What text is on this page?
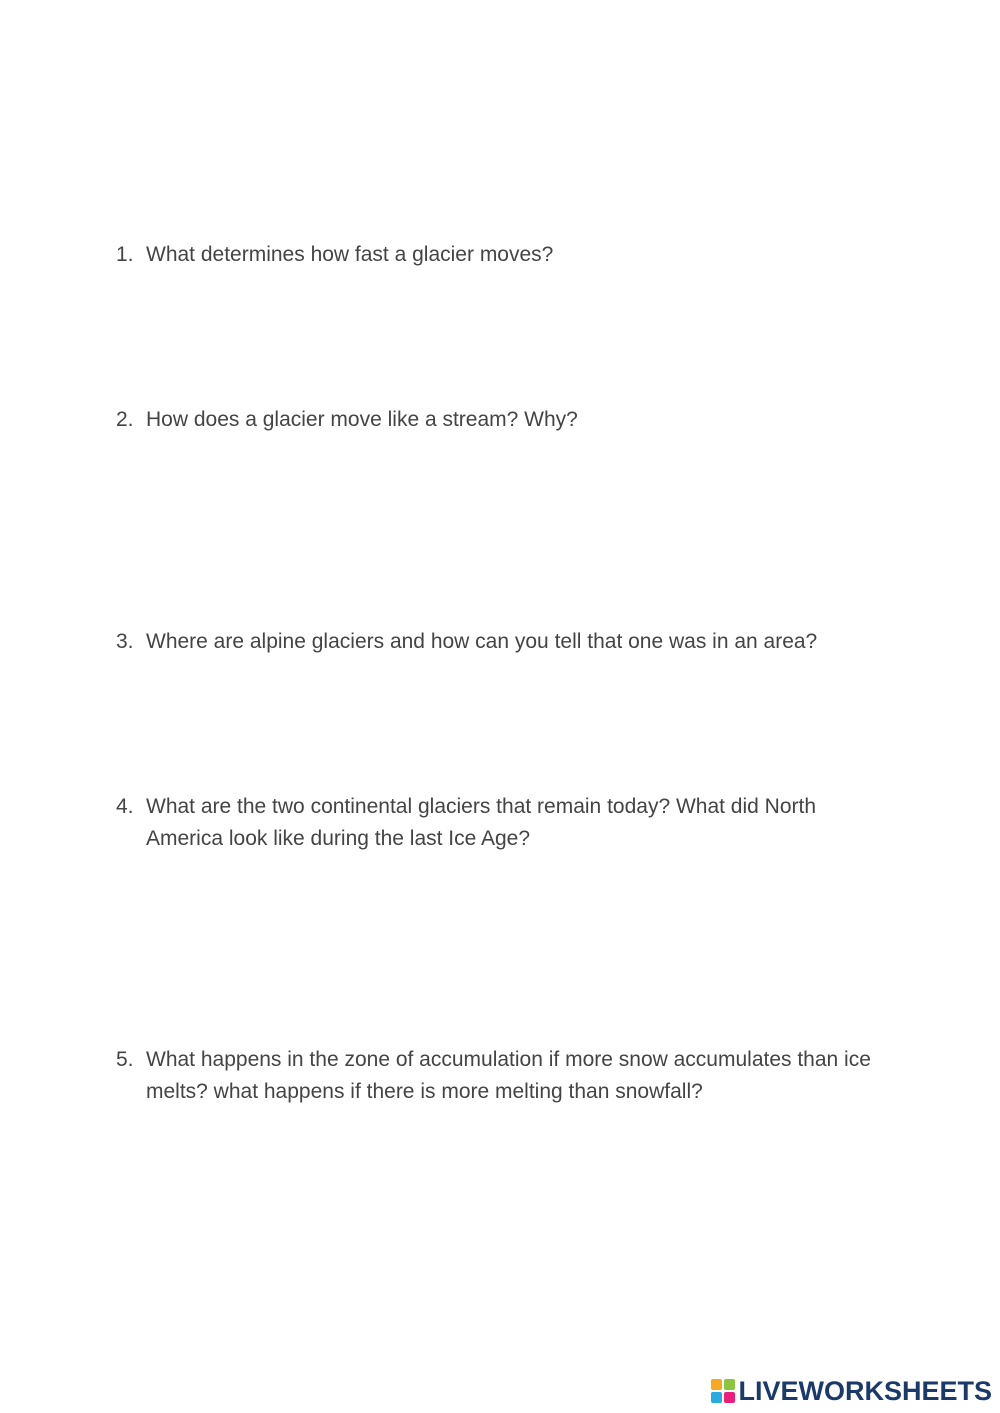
1. What determines how fast a glacier moves?
2. How does a glacier move like a stream? Why?
3. Where are alpine glaciers and how can you tell that one was in an area?
4. What are the two continental glaciers that remain today? What did North America look like during the last Ice Age?
5. What happens in the zone of accumulation if more snow accumulates than ice melts? what happens if there is more melting than snowfall?
LIVEWORKSHEETS
